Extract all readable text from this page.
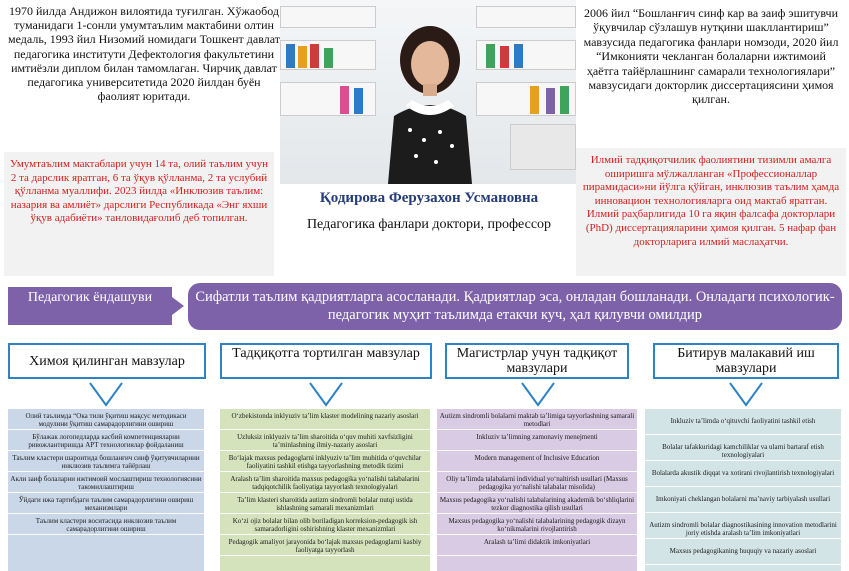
1970 йилда Андижон вилоятида туғилган. Хўжаобод туманидаги 1-сонли умумтаълим мактабини олтин медаль, 1993 йил Низомий номидаги Тошкент давлат педагогика институти Дефектология факультетини имтиёзли диплом билан тамомлаган. Чирчиқ давлат педагогика университетида 2020 йилдан буён фаолият юритади.
2006 йил “Бошланғич синф кар ва заиф эшитувчи ўқувчилар сўзлашув нутқини шакллантириш” мавзусида педагогика фанлари номзоди, 2020 йил “Имконияти чекланган болаларни ижтимоий ҳаётга тайёрлашнинг самарали технологиялари” мавзусидаги докторлик диссертациясини ҳимоя қилган.
Умумтаълим мактаблари учун 14 та, олий таълим учун 2 та дарслик яратган, 6 та ўқув қўлланма, 2 та услубий қўлланма муаллифи. 2023 йилда «Инклюзив таълим: назария ва амлиёт» дарслиги Республикада «Энг яхши ўқув адабиёти» танловидағолиб деб топилган.
Илмий тадқиқотчилик фаолиятини тизимли амалга оширишга мўлжалланган «Профессионаллар пирамидаси»ни йўлга қўйган, инклюзив таълим ҳамда инновацион технологияларга оид мактаб яратган. Илмий раҳбарлигида 10 га яқин фалсафа докторлари (PhD) диссертацияларини ҳимоя қилган. 5 нафар фан докторларига илмий маслаҳатчи.
Қодирова Ферузахон Усмановна
Педагогика фанлари доктори, профессор
Педагогик ёндашуви	Сифатли таълим қадриятларга асосланади. Қадриятлар эса, онладан бошланади. Онладаги психологик-педагогик муҳит таълимда етакчи куч, ҳал қилувчи омилдир
Химоя қилинган мавзулар
Тадқиқотга тортилган мавзулар	Магистрлар учун тадқиқот мавзулари
Битирув малакавий иш мавзулари
Олий таълимда “Ока тили ўқитиш мақсус методикаси модулини ўқитиш самарадорлигини ошириш
Бўлажак логопедларда касбий компетенцияларни ривожлантиришда АРТ технологиялар фойдаланиш
Таълим кластери шароитида бошланғич синф ўқитувчиларини инклюзив таълимга тайёрлаш
Акли заиф болаларни ижтимоий мослаштириш технологиясини такомиллаштириш
Ўйдаги ижа тартибдаги таълим самарадорлигини ошириш механизмлари
Таълим кластери воситасида инклюзив таълим самарадорлигини ошириш
O‘zbekistonda inklyuziv ta’lim klaster modelining nazariy asoslari
Uzluksiz inklyuziv ta’lim sharoitida o‘quv muhiti xavfsizligini ta’minlashning ilmiy-nazariy asoslari
Bo‘lajak maxsus pedagoglarni inklyuziv ta’lim muhitida o‘quvchilar faoliyatini tashkil etishga tayyorlashning metodik tizimi
Aralash ta’lim sharoitida maxsus pedagogika yo‘nalishi talabalarini tadqiqotchilik faoliyatiga tayyorlash texnologiyalari
Ta’lim klasteri sharoitida autizm sindromli bolalar nutqi ustida ishlashning samarali mexanizmlari
Ko‘zi ojiz bolalar bilan olib boriladigan korreksion-pedagogik ish samaradorligini oshirishning klaster mexanizmlari
Pedagogik amaliyot jarayonida bo‘lajak maxsus pedagoglarni kasbiy faoliyatga tayyorlash
Autizm sindromli bolalarni maktab ta’limiga tayyorlashning samarali metodlari
Inkluziv ta’limning zamonaviy menejmenti
Modern management of Inclusive Education
Oliy ta’limda talabalarni individual yo‘naltirish usullari (Maxsus pedagogika yo‘nalishi talabalar misolida)
Maxsus pedagogika yo‘nalishi talabalarining akademik bo‘shliqlarini tezkor diagnostika qilish usullari
Maxsus pedagogika yo‘nalishi talabalarining pedagogik dizayn ko‘nikmalarini rivojlantirish
Aralash ta’limi didaktik imkoniyatlari
Inkluziv ta’limda o‘qituvchi faoliyatini tashkil etish
Bolalar tafakkuridagi kamchiliklar va ularni bartaraf etish texnologiyalari
Bolalarda akustik diqqat va xotirani rivojlantirish texnologiyalari
Imkoniyati cheklangan bolalarni ma’naviy tarbiyalash usullari
Autizm sindromli bolalar diagnostikasining innovation metodlarini joriy etishda aralash ta’lim imkoniyatlari
Maxsus pedagogikaning huquqiy va nazariy asoslari
